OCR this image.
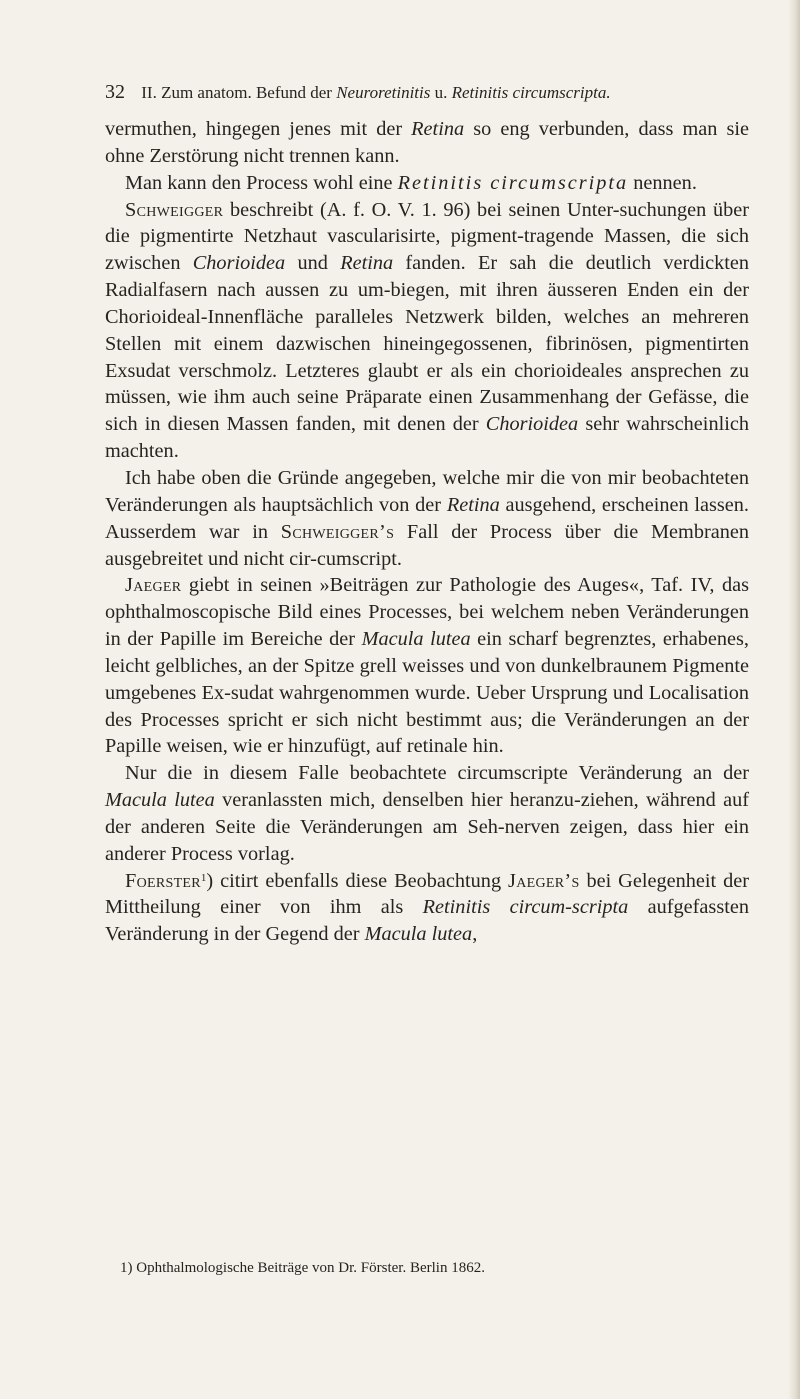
32 II. Zum anatom. Befund der Neuroretinitis u. Retinitis circumscripta.

vermuthen, hingegen jenes mit der Retina so eng verbunden, dass man sie ohne Zerstörung nicht trennen kann.

Man kann den Process wohl eine Retinitis circumscripta nennen.

Schweigger beschreibt (A. f. O. V. 1. 96) bei seinen Unter-suchungen über die pigmentirte Netzhaut vascularisirte, pigment-tragende Massen, die sich zwischen Chorioidea und Retina fanden. Er sah die deutlich verdickten Radialfasern nach aussen zu um-biegen, mit ihren äusseren Enden ein der Chorioideal-Innenfläche paralleles Netzwerk bilden, welches an mehreren Stellen mit einem dazwischen hineingegossenen, fibrinösen, pigmentirten Exsudat verschmolz. Letzteres glaubt er als ein chorioideales ansprechen zu müssen, wie ihm auch seine Präparate einen Zusammenhang der Gefässe, die sich in diesen Massen fanden, mit denen der Chorioidea sehr wahrscheinlich machten.

Ich habe oben die Gründe angegeben, welche mir die von mir beobachteten Veränderungen als hauptsächlich von der Retina ausgehend, erscheinen lassen. Ausserdem war in Schweigger’s Fall der Process über die Membranen ausgebreitet und nicht cir-cumscript.

Jaeger giebt in seinen »Beiträgen zur Pathologie des Auges«, Taf. IV, das ophthalmoscopische Bild eines Processes, bei welchem neben Veränderungen in der Papille im Bereiche der Macula lutea ein scharf begrenztes, erhabenes, leicht gelbliches, an der Spitze grell weisses und von dunkelbraunem Pigmente umgebenes Ex-sudat wahrgenommen wurde. Ueber Ursprung und Localisation des Processes spricht er sich nicht bestimmt aus; die Veränderungen an der Papille weisen, wie er hinzufügt, auf retinale hin.

Nur die in diesem Falle beobachtete circumscripte Veränderung an der Macula lutea veranlassten mich, denselben hier heranzu-ziehen, während auf der anderen Seite die Veränderungen am Seh-nerven zeigen, dass hier ein anderer Process vorlag.

Foerster$^1$) citirt ebenfalls diese Beobachtung Jaeger’s bei Gelegenheit der Mittheilung einer von ihm als Retinitis circum-scripta aufgefassten Veränderung in der Gegend der Macula lutea,

1) Ophthalmologische Beiträge von Dr. Förster. Berlin 1862.
